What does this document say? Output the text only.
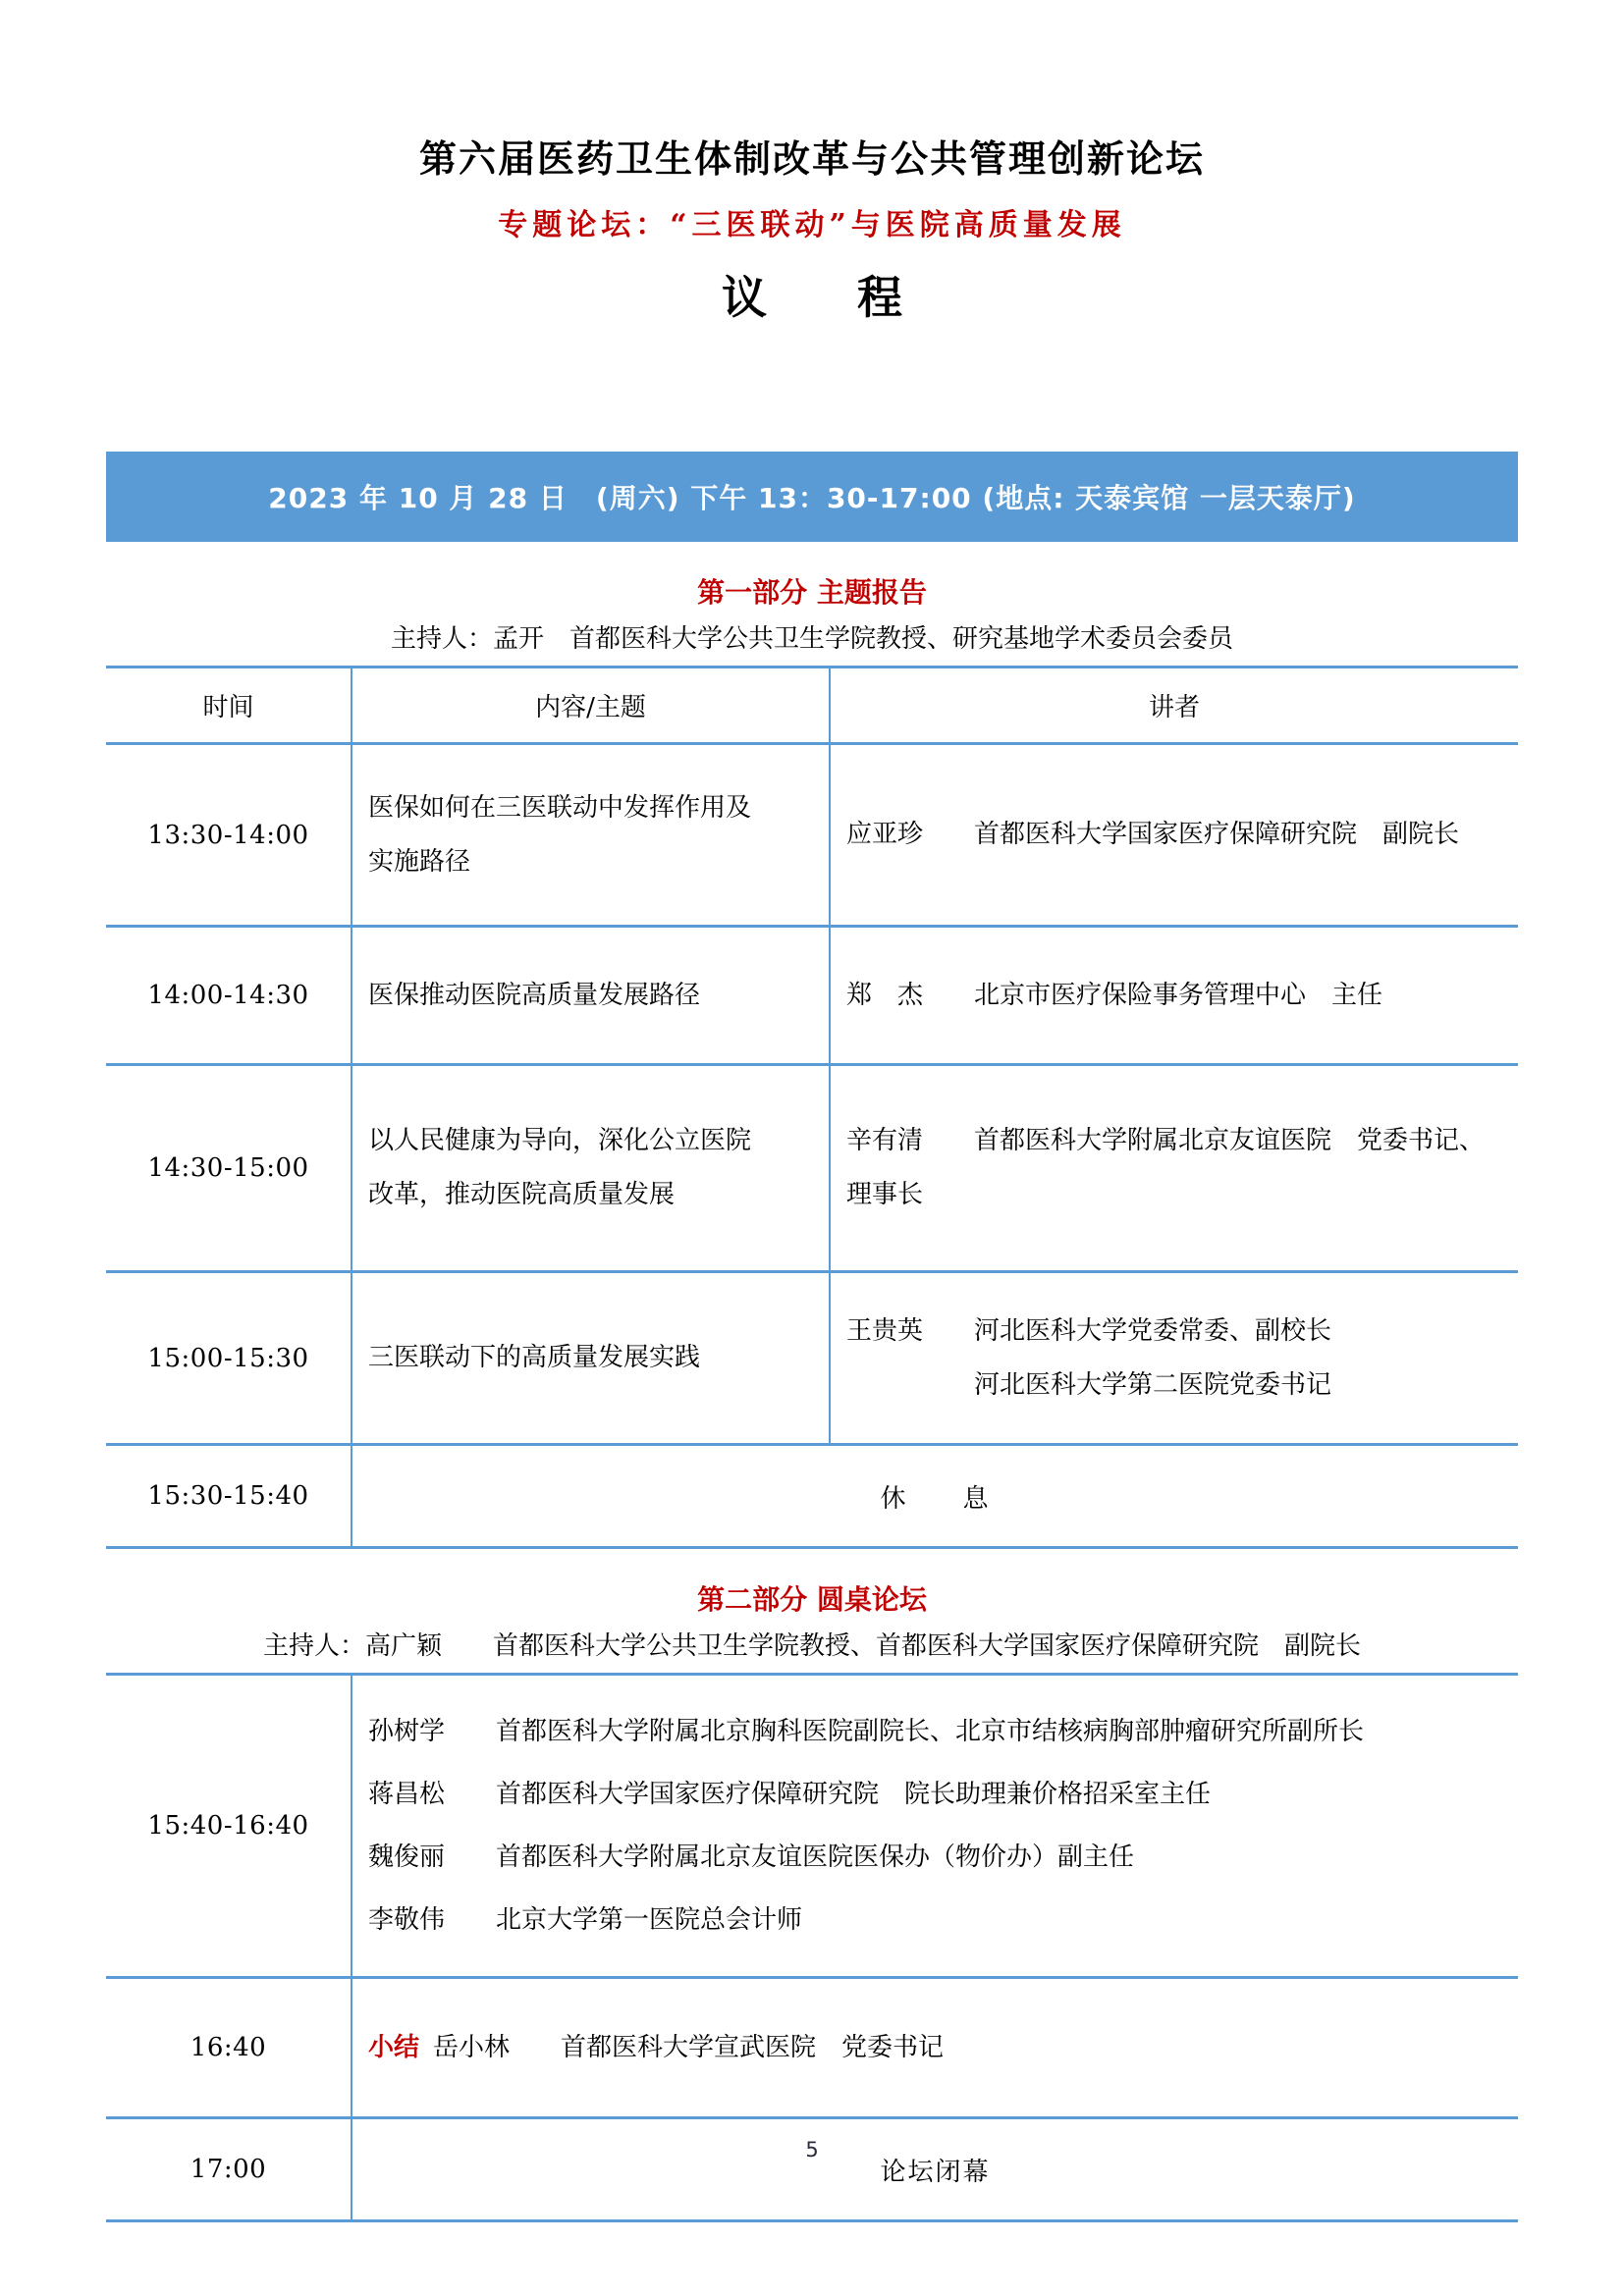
第六届医药卫生体制改革与公共管理创新论坛
专题论坛：“三医联动”与医院高质量发展
议　　程
2023 年 10 月 28 日　(周六) 下午 13：30-17:00 (地点: 天泰宾馆 一层天泰厅)
第一部分 主题报告
主持人：孟开　首都医科大学公共卫生学院教授、研究基地学术委员会委员
时间	内容/主题	讲者
13:30-14:00	医保如何在三医联动中发挥作用及实施路径	应亚珍　　首都医科大学国家医疗保障研究院　副院长
14:00-14:30	医保推动医院高质量发展路径	郑　杰　　北京市医疗保险事务管理中心　主任
14:30-15:00	以人民健康为导向，深化公立医院改革，推动医院高质量发展	辛有清　　首都医科大学附属北京友谊医院　党委书记、理事长
15:00-15:30	三医联动下的高质量发展实践	王贵英　　河北医科大学党委常委、副校长
　　　　　河北医科大学第二医院党委书记

15:30-15:40	休　　息	
第二部分 圆桌论坛
主持人：高广颖　　首都医科大学公共卫生学院教授、首都医科大学国家医疗保障研究院　副院长
15:40-16:40	孙树学　　首都医科大学附属北京胸科医院副院长、北京市结核病胸部肿瘤研究所副所长
蒋昌松　　首都医科大学国家医疗保障研究院　院长助理兼价格招采室主任
魏俊丽　　首都医科大学附属北京友谊医院医保办（物价办）副主任
李敬伟　　北京大学第一医院总会计师

16:40	小结 岳小林　　首都医科大学宣武医院　党委书记
17:00	论坛闭幕
5
